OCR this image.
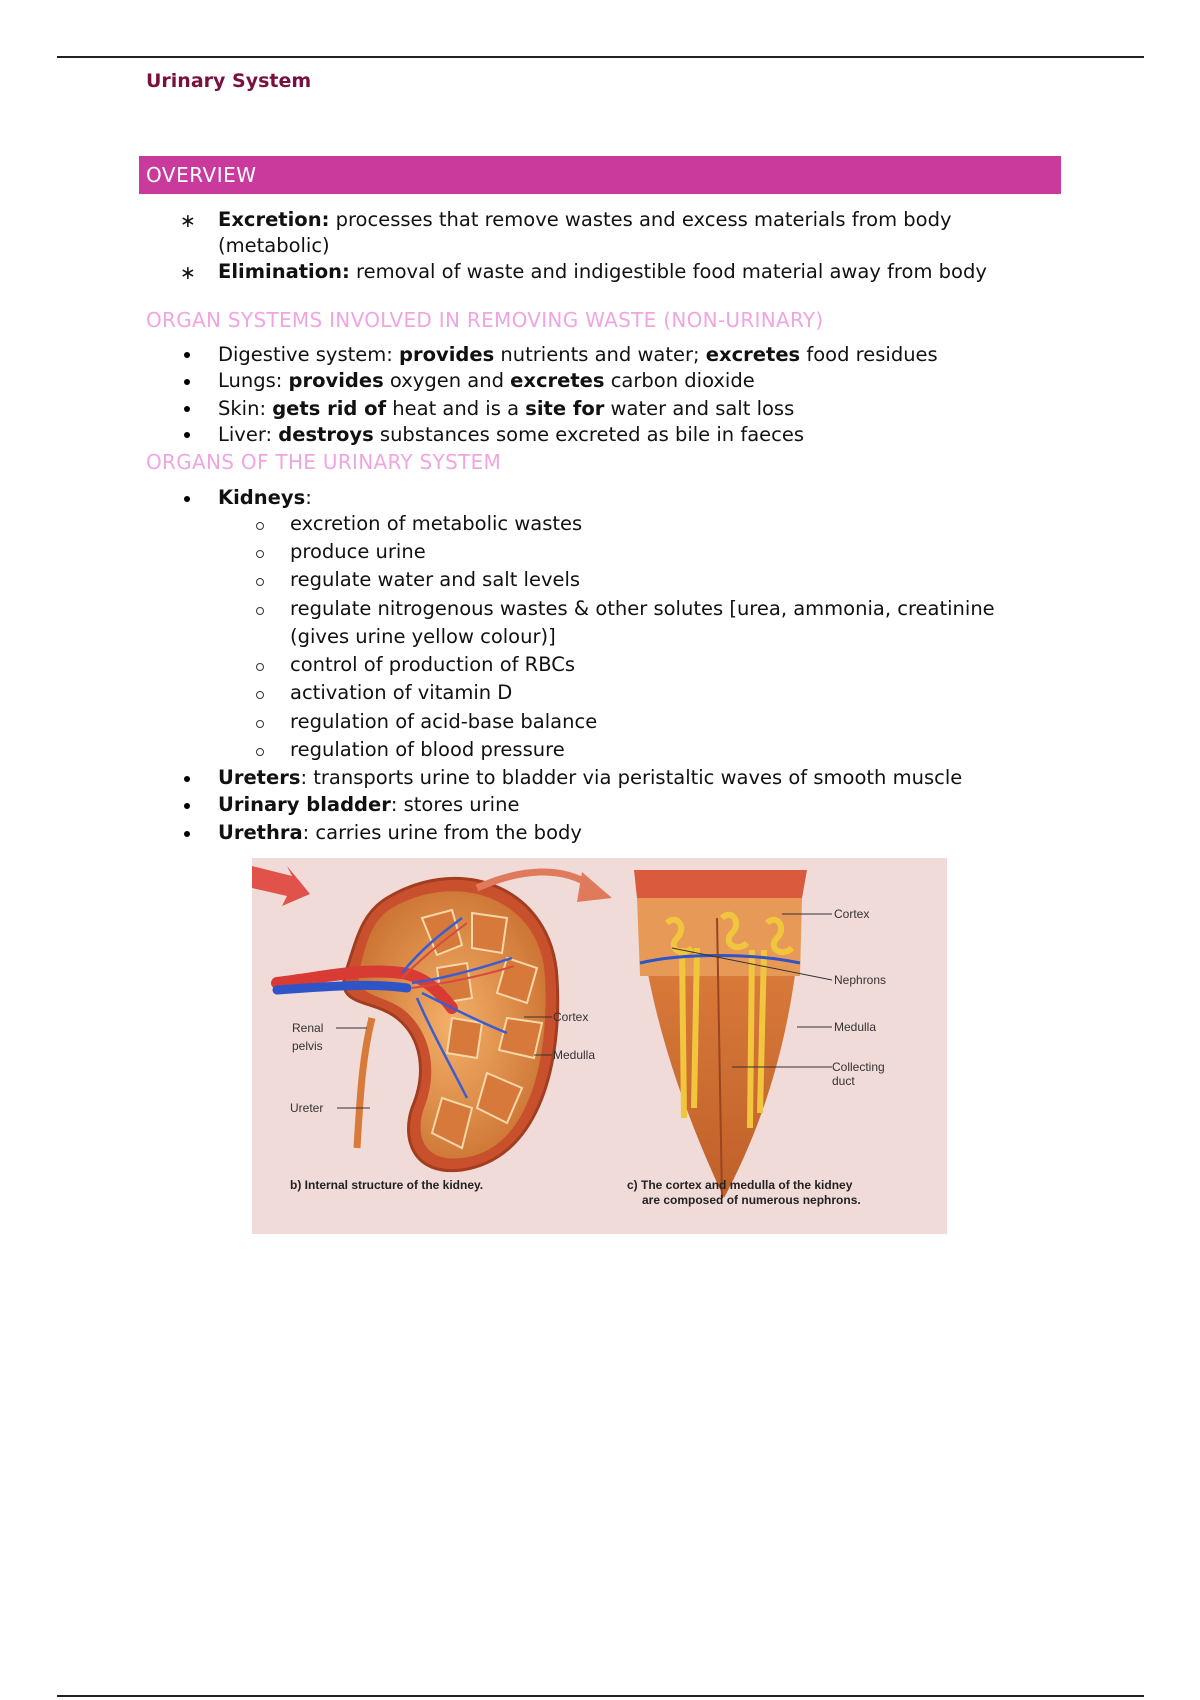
Urinary System
OVERVIEW
∗ Excretion: processes that remove wastes and excess materials from body
(metabolic)
∗ Elimination: removal of waste and indigestible food material away from body
ORGAN SYSTEMS INVOLVED IN REMOVING WASTE (NON-URINARY)
Digestive system: provides nutrients and water; excretes food residues
Lungs: provides oxygen and excretes carbon dioxide
Skin: gets rid of heat and is a site for water and salt loss
Liver: destroys substances some excreted as bile in faeces
ORGANS OF THE URINARY SYSTEM
Kidneys:
excretion of metabolic wastes
produce urine
regulate water and salt levels
regulate nitrogenous wastes & other solutes [urea, ammonia, creatinine
(gives urine yellow colour)]
control of production of RBCs
activation of vitamin D
regulation of acid-base balance
regulation of blood pressure
Ureters: transports urine to bladder via peristaltic waves of smooth muscle
Urinary bladder: stores urine
Urethra: carries urine from the body
Renal
pelvis
Ureter
Cortex
Medulla
Cortex
Nephrons
Medulla
Collecting
duct
b) Internal structure of the kidney.	c) The cortex and medulla of the kidney
are composed of numerous nephrons.
